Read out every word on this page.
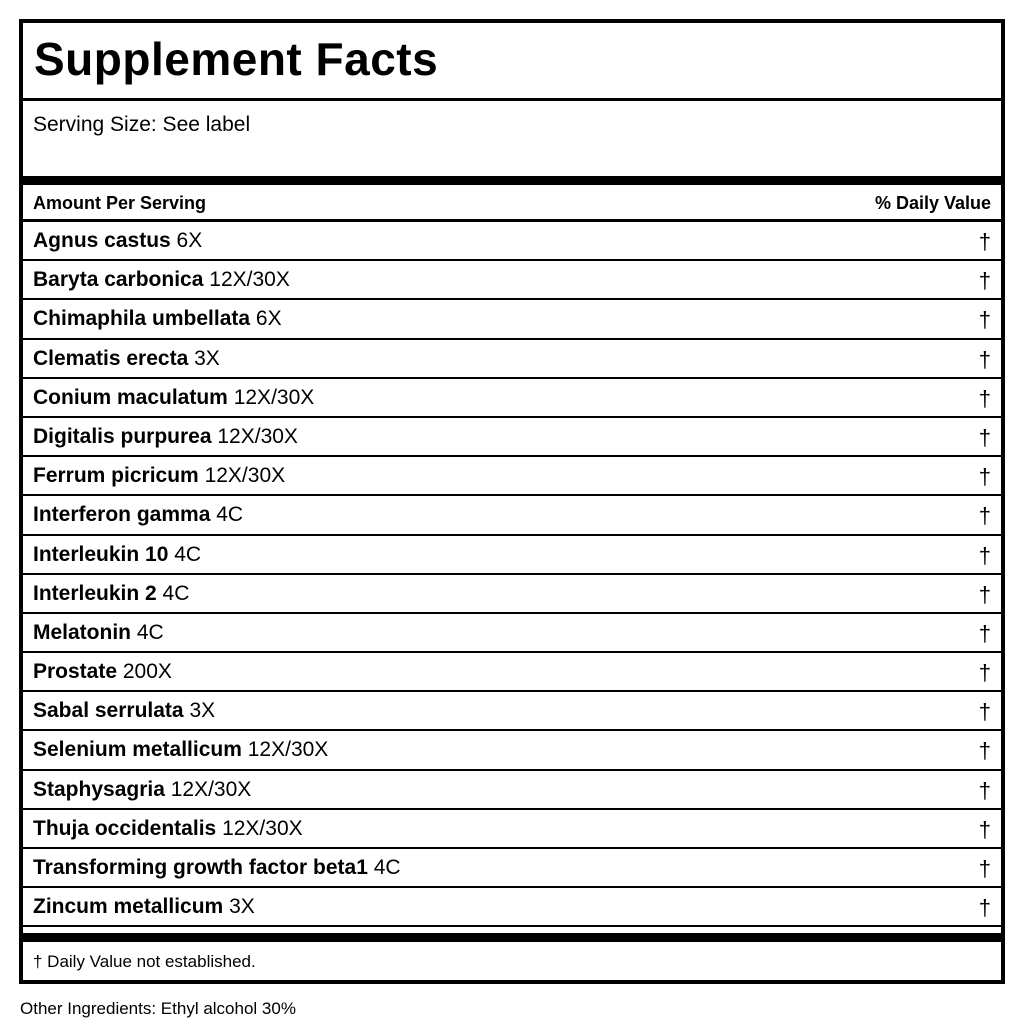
Supplement Facts
Serving Size: See label
Amount Per Serving	% Daily Value
Agnus castus 6X	†
Baryta carbonica 12X/30X	†
Chimaphila umbellata 6X	†
Clematis erecta 3X	†
Conium maculatum 12X/30X	†
Digitalis purpurea 12X/30X	†
Ferrum picricum 12X/30X	†
Interferon gamma 4C	†
Interleukin 10 4C	†
Interleukin 2 4C	†
Melatonin 4C	†
Prostate 200X	†
Sabal serrulata 3X	†
Selenium metallicum 12X/30X	†
Staphysagria 12X/30X	†
Thuja occidentalis 12X/30X	†
Transforming growth factor beta1 4C	†
Zincum metallicum 3X	†
† Daily Value not established.
Other Ingredients: Ethyl alcohol 30%
